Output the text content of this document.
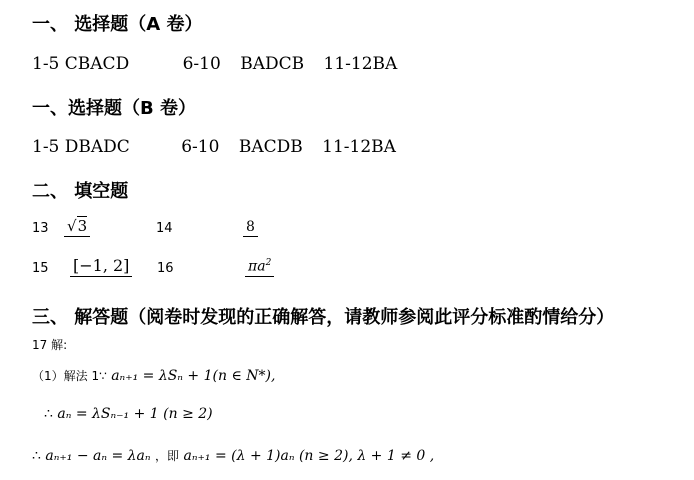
一、 选择题（A 卷）
1-5 CBACD	6-10 BADCB 11-12BA
一、选择题（B 卷）
1-5 DBADC	6-10 BACDB 11-12BA
二、 填空题
13 √3	14	8
15 [−1, 2] 16	$\pi a^2$
三、 解答题（阅卷时发现的正确解答，请教师参阅此评分标准酌情给分）
17 解:
（1）解法 1∵ aₙ₊₁ = λSₙ + 1(n ∈ N*),
∴ aₙ = λSₙ₋₁ + 1 (n ≥ 2)
∴ aₙ₊₁ − aₙ = λaₙ ，即 aₙ₊₁ = (λ + 1)aₙ (n ≥ 2), λ + 1 ≠ 0 ,
